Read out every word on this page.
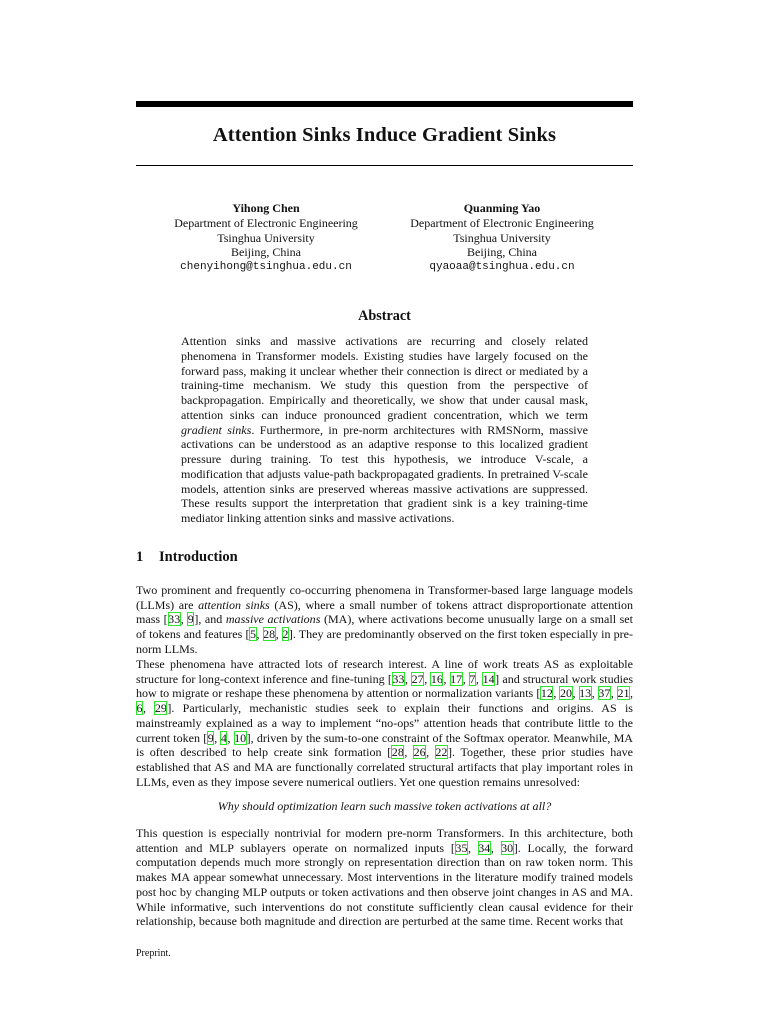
Attention Sinks Induce Gradient Sinks
Yihong Chen
Department of Electronic Engineering
Tsinghua University
Beijing, China
chenyihong@tsinghua.edu.cn
Quanming Yao
Department of Electronic Engineering
Tsinghua University
Beijing, China
qyaoaa@tsinghua.edu.cn
Abstract
Attention sinks and massive activations are recurring and closely related phenomena in Transformer models. Existing studies have largely focused on the forward pass, making it unclear whether their connection is direct or mediated by a training-time mechanism. We study this question from the perspective of backpropagation. Empirically and theoretically, we show that under causal mask, attention sinks can induce pronounced gradient concentration, which we term gradient sinks. Furthermore, in pre-norm architectures with RMSNorm, massive activations can be understood as an adaptive response to this localized gradient pressure during training. To test this hypothesis, we introduce V-scale, a modification that adjusts value-path backpropagated gradients. In pretrained V-scale models, attention sinks are preserved whereas massive activations are suppressed. These results support the interpretation that gradient sink is a key training-time mediator linking attention sinks and massive activations.
1 Introduction

Two prominent and frequently co-occurring phenomena in Transformer-based large language models (LLMs) are attention sinks (AS), where a small number of tokens attract disproportionate attention mass [33, 9], and massive activations (MA), where activations become unusually large on a small set of tokens and features [5, 28, 2]. They are predominantly observed on the first token especially in pre-norm LLMs.

These phenomena have attracted lots of research interest. A line of work treats AS as exploitable structure for long-context inference and fine-tuning [33, 27, 16, 17, 7, 14] and structural work studies how to migrate or reshape these phenomena by attention or normalization variants [12, 20, 13, 37, 21, 6, 29]. Particularly, mechanistic studies seek to explain their functions and origins. AS is mainstreamly explained as a way to implement “no-ops” attention heads that contribute little to the current token [9, 4, 10], driven by the sum-to-one constraint of the Softmax operator. Meanwhile, MA is often described to help create sink formation [28, 26, 22]. Together, these prior studies have established that AS and MA are functionally correlated structural artifacts that play important roles in LLMs, even as they impose severe numerical outliers. Yet one question remains unresolved:

Why should optimization learn such massive token activations at all?

This question is especially nontrivial for modern pre-norm Transformers. In this architecture, both attention and MLP sublayers operate on normalized inputs [35, 34, 30]. Locally, the forward computation depends much more strongly on representation direction than on raw token norm. This makes MA appear somewhat unnecessary. Most interventions in the literature modify trained models post hoc by changing MLP outputs or token activations and then observe joint changes in AS and MA. While informative, such interventions do not constitute sufficiently clean causal evidence for their relationship, because both magnitude and direction are perturbed at the same time. Recent works that

Preprint.
